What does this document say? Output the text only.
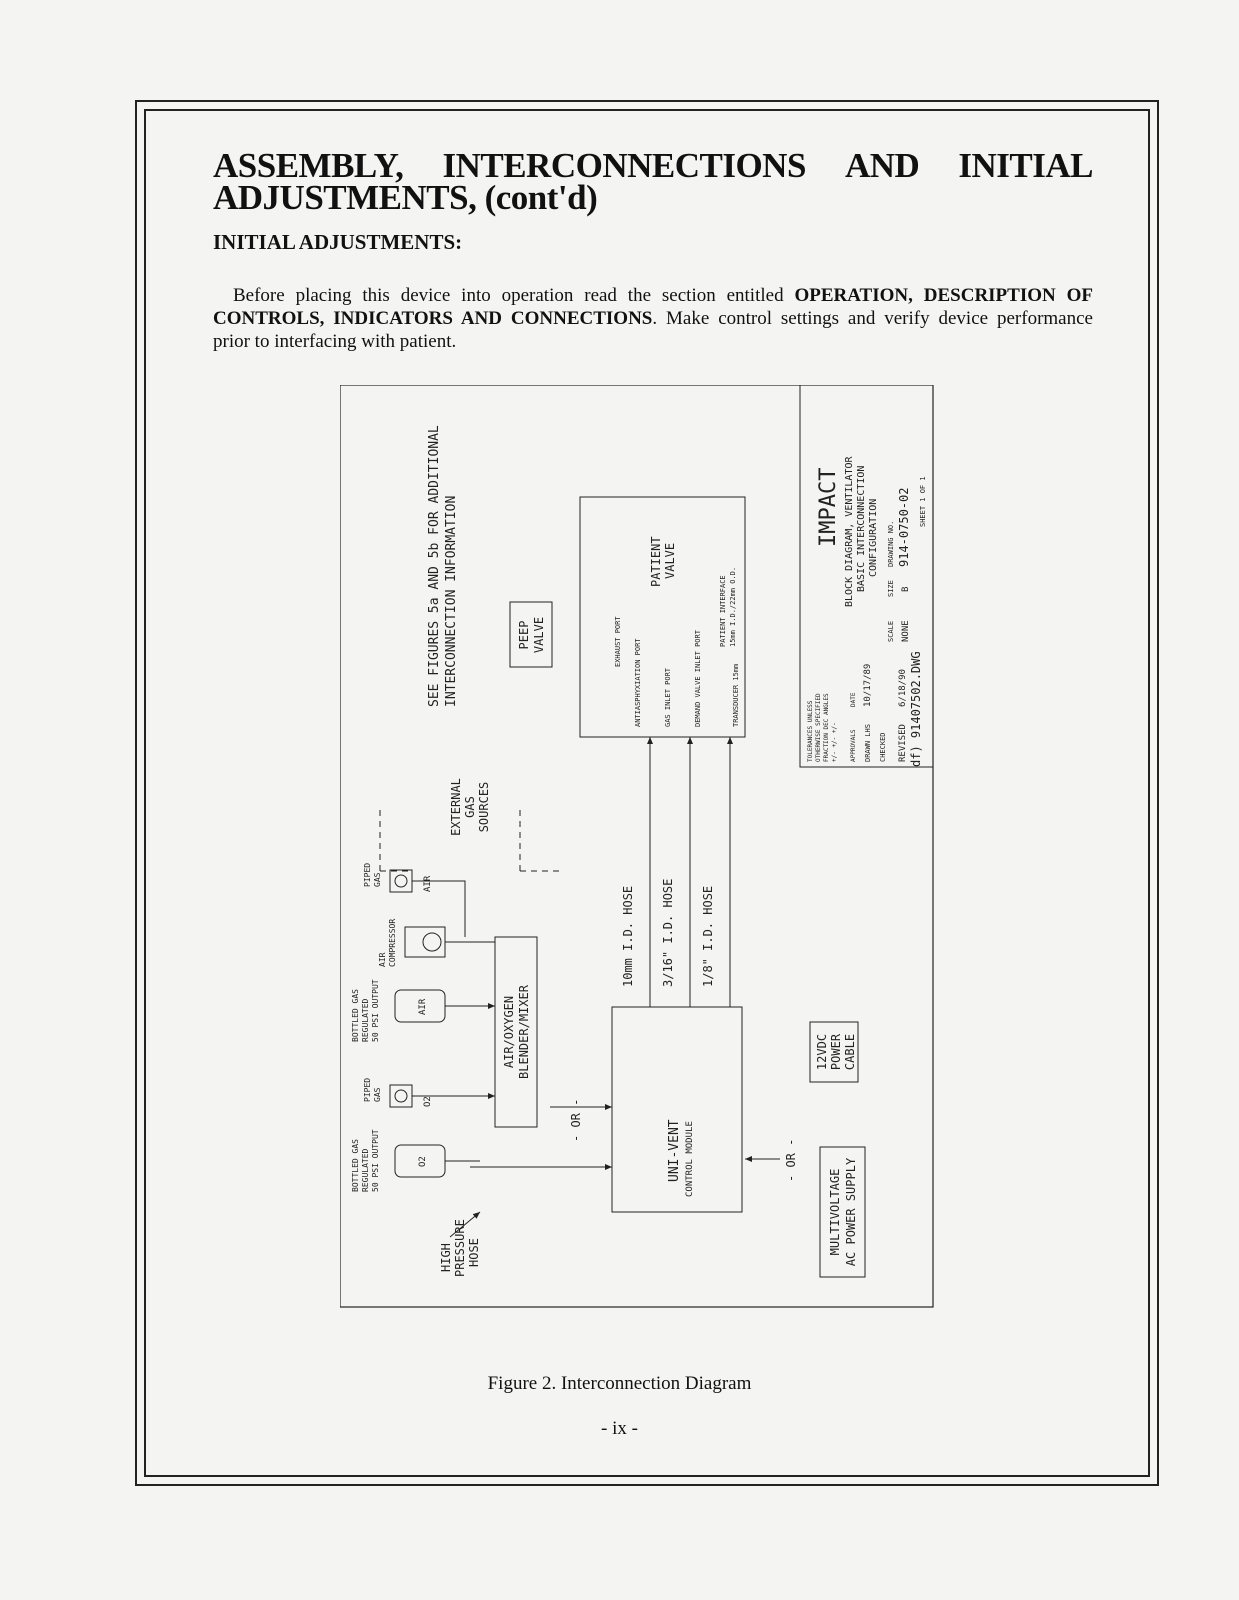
ASSEMBLY, INTERCONNECTIONS AND INITIAL
ADJUSTMENTS, (cont'd)
INITIAL ADJUSTMENTS:

Before placing this device into operation read the section entitled OPERATION, DESCRIPTION OF CONTROLS, INDICATORS AND CONNECTIONS. Make control settings and verify device performance prior to interfacing with patient.

SEE FIGURES 5a AND 5b FOR ADDITIONAL INTERCONNECTION INFORMATION
EXTERNAL GAS SOURCES
BOTTLED GAS REGULATED 50 PSI OUTPUT	O2
PIPED GAS	O2
BOTTLED GAS REGULATED 50 PSI OUTPUT	AIR
AIR COMPRESSOR
PIPED GAS	AIR
AIR/OXYGEN BLENDER/MIXER
HIGH PRESSURE HOSE
- OR -	UNI-VENT CONTROL MODULE
10mm I.D. HOSE 3/16" I.D. HOSE 1/8" I.D. HOSE
PATIENT VALVE
EXHAUST PORT ANTIASPHYXIATION PORT	GAS INLET PORT	DEMAND VALVE INLET PORT	TRANSDUCER 15mm
PATIENT INTERFACE 15mm I.D./22mm O.D.
PEEP VALVE
MULTIVOLTAGE AC POWER SUPPLY
12VDC POWER CABLE
- OR -
IMPACT BLOCK DIAGRAM, VENTILATOR BASIC INTERCONNECTION CONFIGURATION
TOLERANCES UNLESS OTHERWISE SPECIFIED FRACTION DEC ANGLES +/- +/- +/- APPROVALS
DATE
DRAWN LHS
10/17/89
CHECKED REVISED
6/18/90
SCALE NONE
SIZE B
DRAWING NO. 914-0750-02 SHEET 1 OF 1
df) 91407502.DWG
Figure 2. Interconnection Diagram
- ix -
